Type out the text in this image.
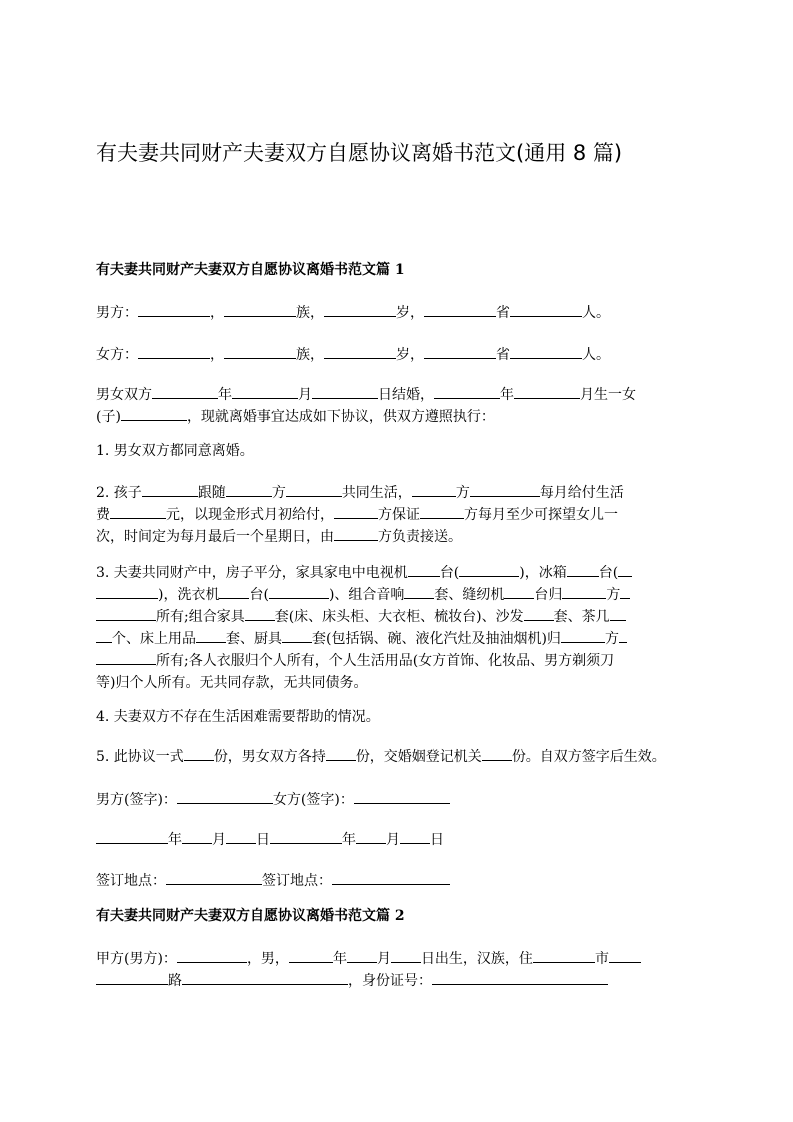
有夫妻共同财产夫妻双方自愿协议离婚书范文(通用 8 篇)
有夫妻共同财产夫妻双方自愿协议离婚书范文篇 1

男方：	，	族，	岁，	省	人。

女方：	，	族，	岁，	省	人。

男女双方	年	月	日结婚，	年	月生一女
(子)	，现就离婚事宜达成如下协议，供双方遵照执行：

1. 男女双方都同意离婚。

2. 孩子	跟随	方	共同生活，	方	每月给付生活
费	元，以现金形式月初给付，	方保证	方每月至少可探望女儿一
次，时间定为每月最后一个星期日，由	方负责接送。

3. 夫妻共同财产中，房子平分，家具家电中电视机 台(	)，冰箱 台(
)，洗衣机 台(	)、组合音响 套、缝纫机 台归	方
所有;组合家具 套(床、床头柜、大衣柜、梳妆台)、沙发 套、茶几
个、床上用品 套、厨具 套(包括锅、碗、液化汽灶及抽油烟机)归	方
所有;各人衣服归个人所有，个人生活用品(女方首饰、化妆品、男方剃须刀
等)归个人所有。无共同存款，无共同债务。

4. 夫妻双方不存在生活困难需要帮助的情况。

5. 此协议一式 份，男女双方各持 份，交婚姻登记机关 份。自双方签字后生效。

男方(签字)：	女方(签字)：

年 月 日	年 月 日

签订地点：	签订地点：

有夫妻共同财产夫妻双方自愿协议离婚书范文篇 2

甲方(男方)：	，男，	年 月 日出生，汉族，住	市
路	，身份证号：
